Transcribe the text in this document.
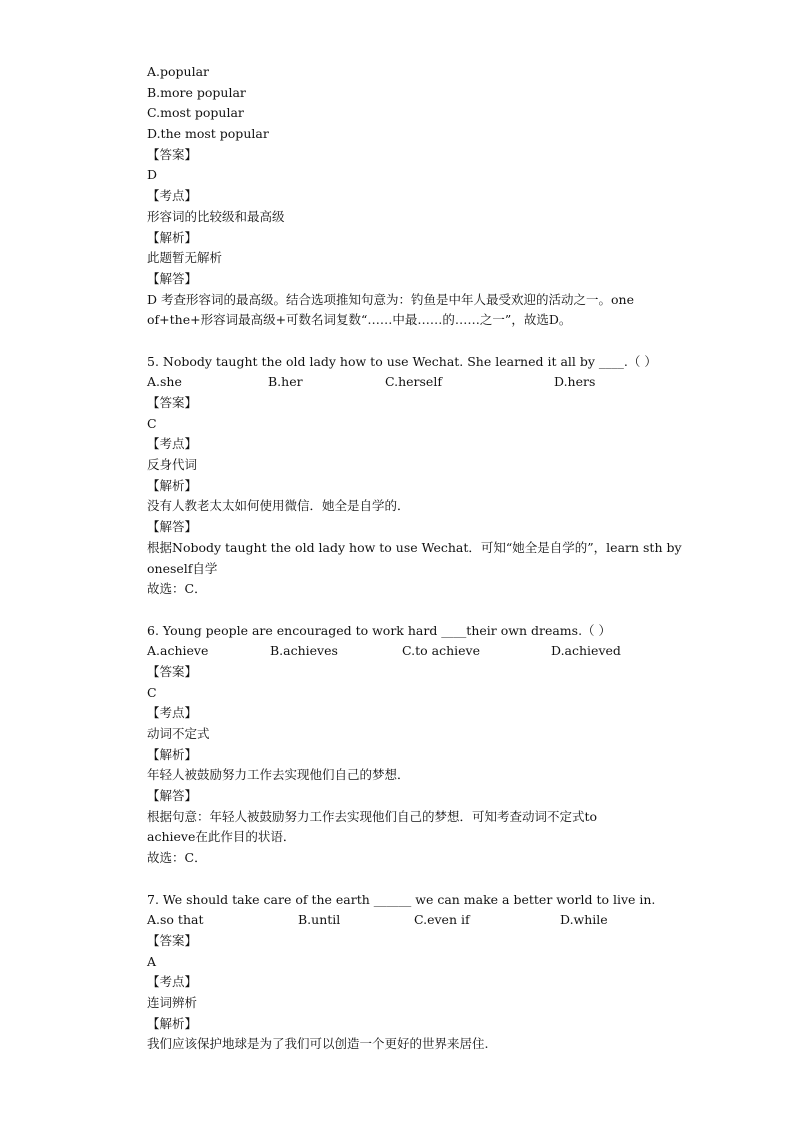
A.popular
B.more popular
C.most popular
D.the most popular
【答案】
D
【考点】
形容词的比较级和最高级
【解析】
此题暂无解析
【解答】
D 考查形容词的最高级。结合选项推知句意为：钓鱼是中年人最受欢迎的活动之一。one
of+the+形容词最高级+可数名词复数“……中最……的……之一”，故选D。
5. Nobody taught the old lady how to use Wechat. She learned it all by ____.（ ）
A.she	B.her	C.herself	D.hers
【答案】
C
【考点】
反身代词
【解析】
没有人教老太太如何使用微信．她全是自学的．
【解答】
根据Nobody taught the old lady how to use Wechat．可知“她全是自学的”，learn sth by
oneself自学
故选：C．
6. Young people are encouraged to work hard ____their own dreams.（ ）
A.achieve	B.achieves	C.to achieve	D.achieved
【答案】
C
【考点】
动词不定式
【解析】
年轻人被鼓励努力工作去实现他们自己的梦想．
【解答】
根据句意：年轻人被鼓励努力工作去实现他们自己的梦想．可知考查动词不定式to
achieve在此作目的状语．
故选：C．
7. We should take care of the earth ______ we can make a better world to live in.
A.so that	B.until	C.even if	D.while
【答案】
A
【考点】
连词辨析
【解析】
我们应该保护地球是为了我们可以创造一个更好的世界来居住.
